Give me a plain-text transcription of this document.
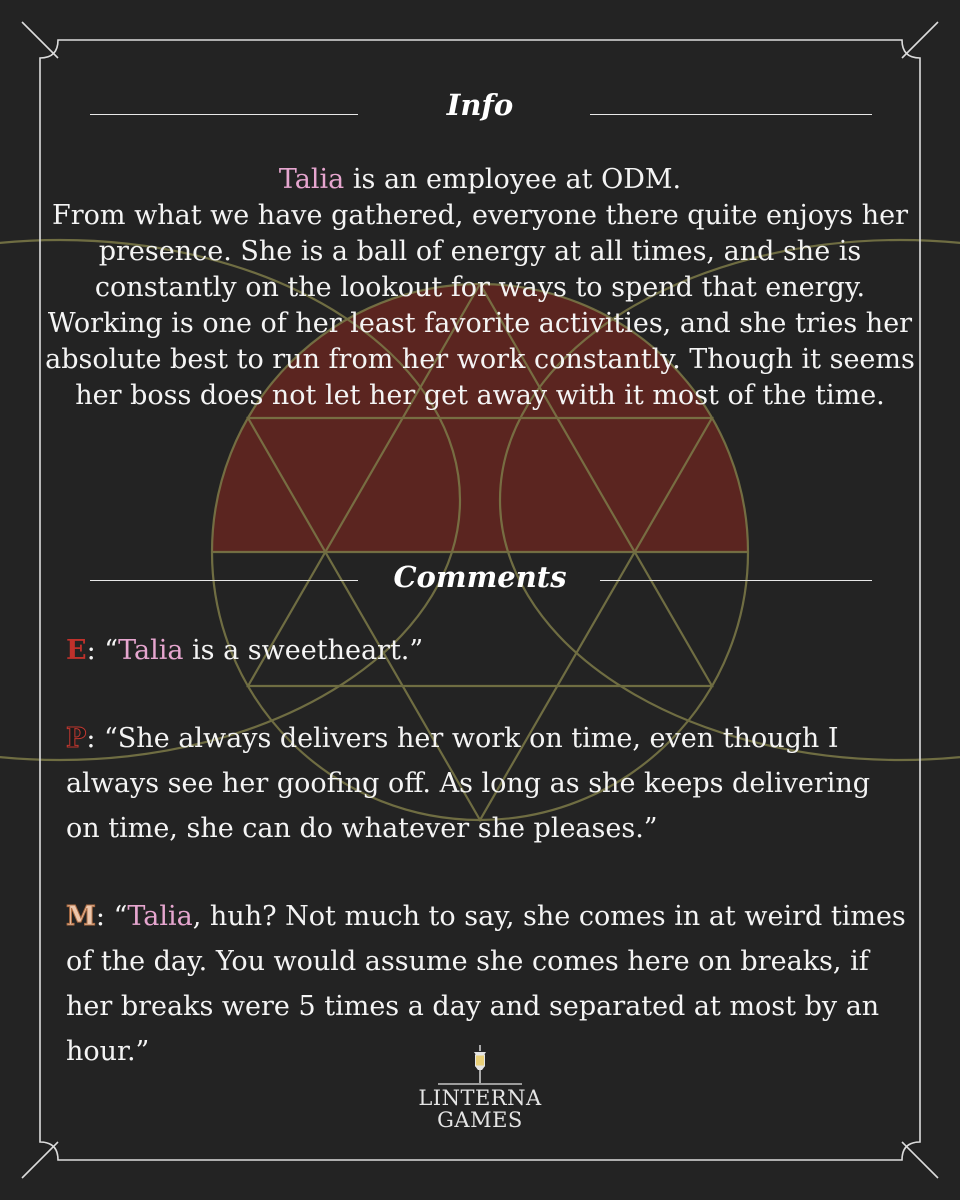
Info

Talia is an employee at ODM.

From what we have gathered, everyone there quite enjoys her presence. She is a ball of energy at all times, and she is constantly on the lookout for ways to spend that energy. Working is one of her least favorite activities, and she tries her absolute best to run from her work constantly. Though it seems her boss does not let her get away with it most of the time.

Comments

E: “Talia is a sweetheart.”

P: “She always delivers her work on time, even though I always see her goofing off. As long as she keeps delivering on time, she can do whatever she pleases.”

M: “Talia, huh? Not much to say, she comes in at weird times of the day. You would assume she comes here on breaks, if her breaks were 5 times a day and separated at most by an hour.”

LINTERNA
GAMES
